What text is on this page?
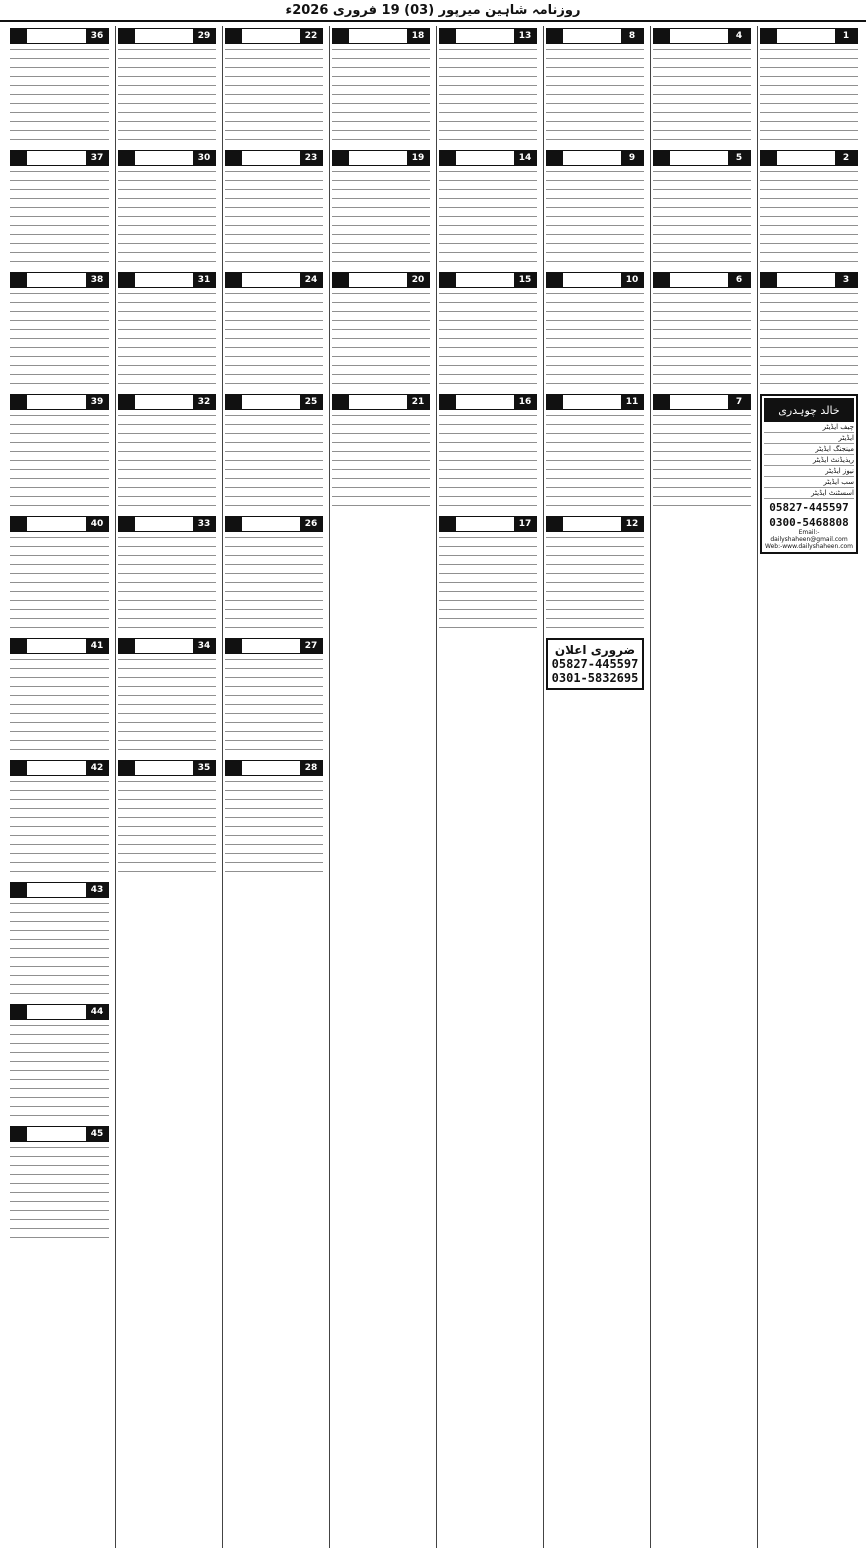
روزنامہ شاہین میرپور (03) 19 فروری 2026ء
1
2
3
خالد چوہدری
چیف ایڈیٹر
ایڈیٹر
مینجنگ ایڈیٹر
ریذیڈنٹ ایڈیٹر
نیوز ایڈیٹر
سب ایڈیٹر
اسسٹنٹ ایڈیٹر
05827-445597
0300-5468808
Email:-dailyshaheen@gmail.com
Web:-www.dailyshaheen.com
4
5
6
7
8
9
10
11
12
ضروری اعلان
05827-445597
0301-5832695
13
14
15
16
17
18
19
20
21
22
23
24
25
26
27
28
29
30
31
32
33
34
35
36
37
38
39
40
41
42
43
44
45
